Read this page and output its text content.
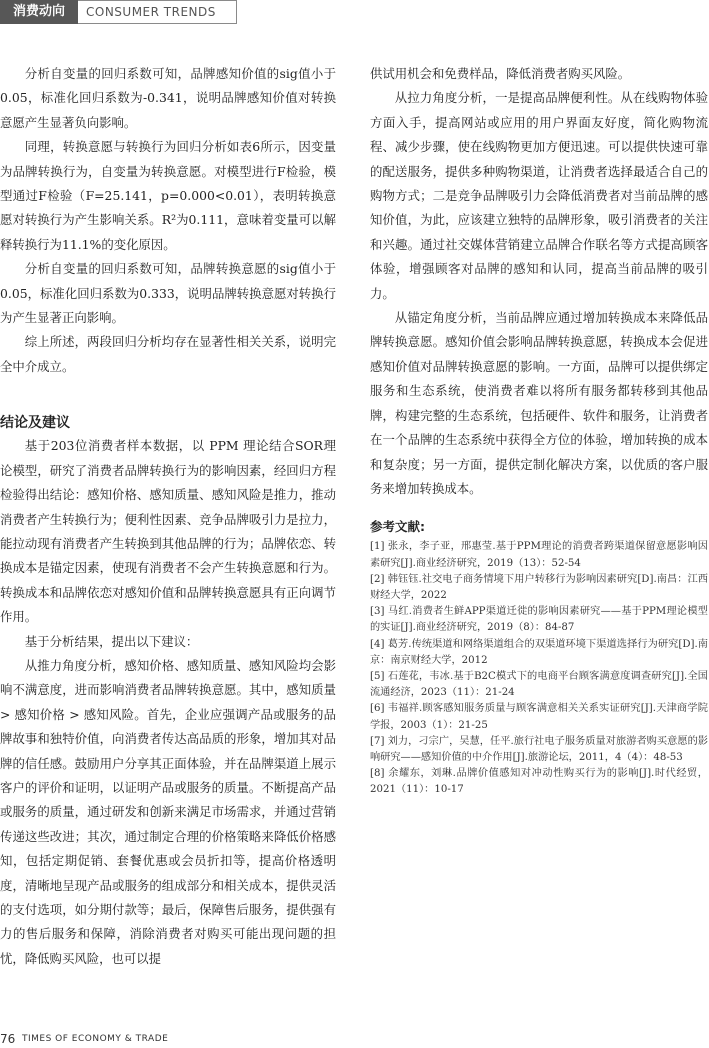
消费动向	CONSUMER TRENDS

分析自变量的回归系数可知，品牌感知价值的sig值小于0.05，标准化回归系数为-0.341，说明品牌感知价值对转换意愿产生显著负向影响。

同理，转换意愿与转换行为回归分析如表6所示，因变量为品牌转换行为，自变量为转换意愿。对模型进行F检验，模型通过F检验（F=25.141，p=0.000<0.01），表明转换意愿对转换行为产生影响关系。R²为0.111，意味着变量可以解释转换行为11.1%的变化原因。

分析自变量的回归系数可知，品牌转换意愿的sig值小于0.05，标准化回归系数为0.333，说明品牌转换意愿对转换行为产生显著正向影响。

综上所述，两段回归分析均存在显著性相关关系，说明完全中介成立。

结论及建议

基于203位消费者样本数据，以 PPM 理论结合SOR理论模型，研究了消费者品牌转换行为的影响因素，经回归方程检验得出结论：感知价格、感知质量、感知风险是推力，推动消费者产生转换行为；便利性因素、竞争品牌吸引力是拉力，能拉动现有消费者产生转换到其他品牌的行为；品牌依恋、转换成本是锚定因素，使现有消费者不会产生转换意愿和行为。转换成本和品牌依恋对感知价值和品牌转换意愿具有正向调节作用。

基于分析结果，提出以下建议：

从推力角度分析，感知价格、感知质量、感知风险均会影响不满意度，进而影响消费者品牌转换意愿。其中，感知质量 > 感知价格 > 感知风险。首先，企业应强调产品或服务的品牌故事和独特价值，向消费者传达高品质的形象，增加其对品牌的信任感。鼓励用户分享其正面体验，并在品牌渠道上展示客户的评价和证明，以证明产品或服务的质量。不断提高产品或服务的质量，通过研发和创新来满足市场需求，并通过营销传递这些改进；其次，通过制定合理的价格策略来降低价格感知，包括定期促销、套餐优惠或会员折扣等，提高价格透明度，清晰地呈现产品或服务的组成部分和相关成本，提供灵活的支付选项，如分期付款等；最后，保障售后服务，提供强有力的售后服务和保障，消除消费者对购买可能出现问题的担忧，降低购买风险，也可以提

供试用机会和免费样品，降低消费者购买风险。

从拉力角度分析，一是提高品牌便利性。从在线购物体验方面入手，提高网站或应用的用户界面友好度，简化购物流程、减少步骤，使在线购物更加方便迅速。可以提供快速可靠的配送服务，提供多种购物渠道，让消费者选择最适合自己的购物方式；二是竞争品牌吸引力会降低消费者对当前品牌的感知价值，为此，应该建立独特的品牌形象，吸引消费者的关注和兴趣。通过社交媒体营销建立品牌合作联名等方式提高顾客体验，增强顾客对品牌的感知和认同，提高当前品牌的吸引力。

从锚定角度分析，当前品牌应通过增加转换成本来降低品牌转换意愿。感知价值会影响品牌转换意愿，转换成本会促进感知价值对品牌转换意愿的影响。一方面，品牌可以提供绑定服务和生态系统，使消费者难以将所有服务都转移到其他品牌，构建完整的生态系统，包括硬件、软件和服务，让消费者在一个品牌的生态系统中获得全方位的体验，增加转换的成本和复杂度；另一方面，提供定制化解决方案，以优质的客户服务来增加转换成本。

参考文献:

[1] 张永，李子亚，邢惠莹.基于PPM理论的消费者跨渠道保留意愿影响因素研究[J].商业经济研究，2019（13）：52-54

[2] 韩钰钰.社交电子商务情境下用户转移行为影响因素研究[D].南昌：江西财经大学，2022

[3] 马红.消费者生鲜APP渠道迁徙的影响因素研究——基于PPM理论模型的实证[J].商业经济研究，2019（8）：84-87

[4] 葛芳.传统渠道和网络渠道组合的双渠道环境下渠道选择行为研究[D].南京：南京财经大学，2012

[5] 石莲花，韦冰.基于B2C模式下的电商平台顾客满意度调查研究[J].全国流通经济，2023（11）：21-24

[6] 韦福祥.顾客感知服务质量与顾客满意相关关系实证研究[J].天津商学院学报，2003（1）：21-25

[7] 刘力，刁宗广，吴慧，任平.旅行社电子服务质量对旅游者购买意愿的影响研究——感知价值的中介作用[J].旅游论坛，2011，4（4）：48-53

[8] 余耀东，刘琳.品牌价值感知对冲动性购买行为的影响[J].时代经贸，2021（11）：10-17

76 TIMES OF ECONOMY & TRADE
